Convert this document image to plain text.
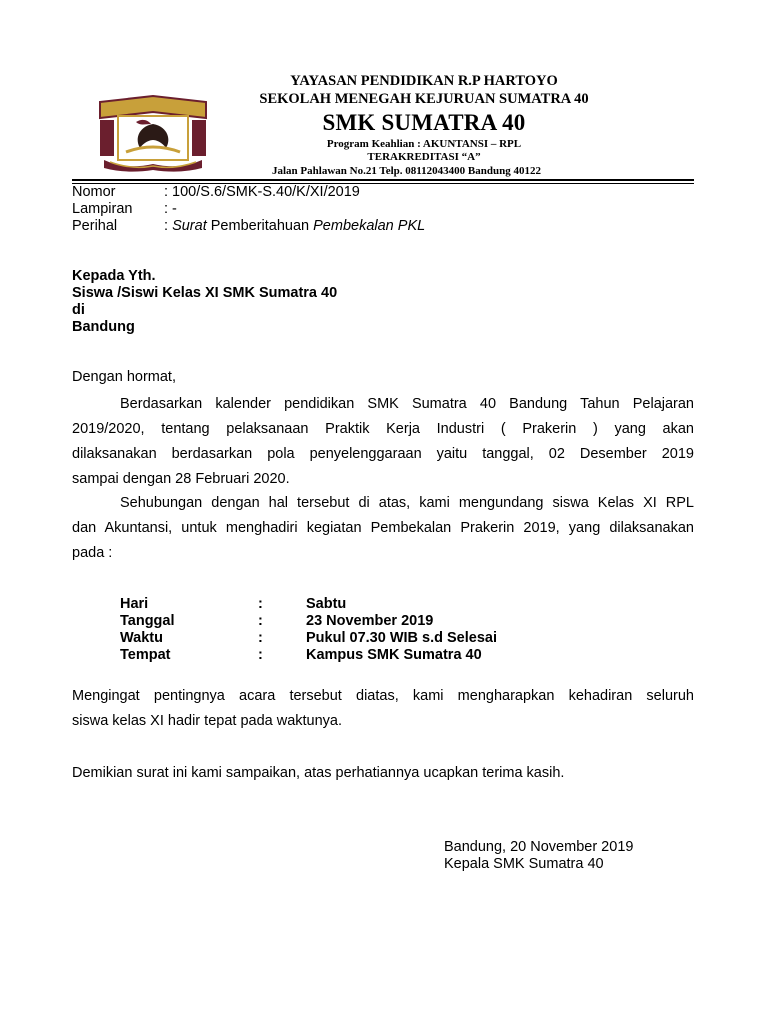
YAYASAN PENDIDIKAN R.P HARTOYO
SEKOLAH MENEGAH KEJURUAN SUMATRA 40
SMK SUMATRA 40
Program Keahlian : AKUNTANSI – RPL
TERAKREDITASI “A”
Jalan Pahlawan No.21 Telp. 08112043400 Bandung 40122
Nomor	: 100/S.6/SMK-S.40/K/XI/2019
Lampiran : -
Perihal	: Surat Pemberitahuan Pembekalan PKL
Kepada Yth.
Siswa /Siswi Kelas XI SMK Sumatra 40
di
Bandung
Dengan hormat,
Berdasarkan kalender pendidikan SMK Sumatra 40 Bandung Tahun Pelajaran
2019/2020, tentang pelaksanaan Praktik Kerja Industri ( Prakerin ) yang akan
dilaksanakan berdasarkan pola penyelenggaraan yaitu tanggal, 02 Desember 2019
sampai dengan 28 Februari 2020.
Sehubungan dengan hal tersebut di atas, kami mengundang siswa Kelas XI RPL
dan Akuntansi, untuk menghadiri kegiatan Pembekalan Prakerin 2019, yang dilaksanakan
pada :
Hari	:	Sabtu
Tanggal	:	23 November 2019
Waktu	:	Pukul 07.30 WIB s.d Selesai
Tempat	:	Kampus SMK Sumatra 40
Mengingat pentingnya acara tersebut diatas, kami mengharapkan kehadiran seluruh
siswa kelas XI hadir tepat pada waktunya.
Demikian surat ini kami sampaikan, atas perhatiannya ucapkan terima kasih.
Bandung, 20 November 2019
Kepala SMK Sumatra 40
